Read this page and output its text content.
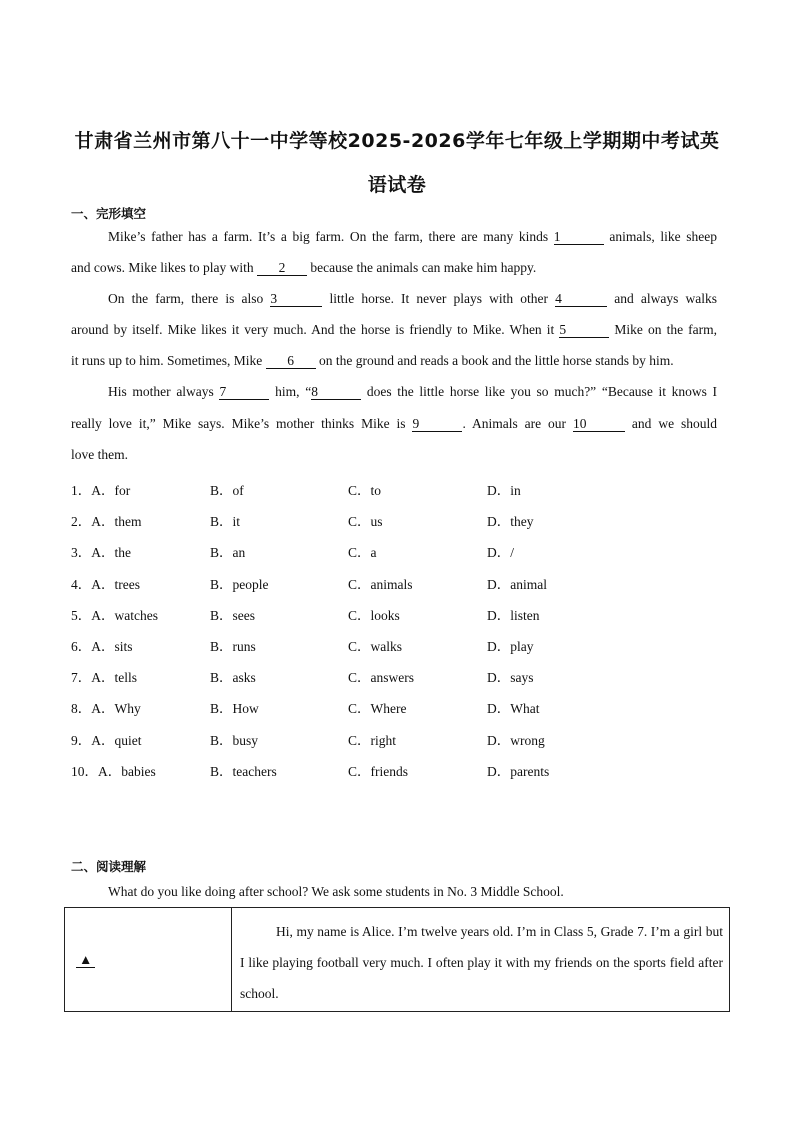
甘肃省兰州市第八十一中学等校2025-2026学年七年级上学期期中考试英
语试卷
一、完形填空
Mike’s father has a farm. It’s a big farm. On the farm, there are many kinds 1	animals, like sheep
and cows. Mike likes to play with 2 because the animals can make him happy.
On the farm, there is also 3	little horse. It never plays with other 4	and always walks
around by itself. Mike likes it very much. And the horse is friendly to Mike. When it 5	Mike on the farm,
it runs up to him. Sometimes, Mike 6 on the ground and reads a book and the little horse stands by him.
His mother always 7	him, “8	does the little horse like you so much?” “Because it knows I
really love it,” Mike says. Mike’s mother thinks Mike is 9	. Animals are our 10	and we should
love them.
1．A．for	B．of	C．to	D．in
2．A．them	B．it	C．us	D．they
3．A．the	B．an	C．a	D．/
4．A．trees	B．people	C．animals	D．animal
5．A．watches	B．sees	C．looks	D．listen
6．A．sits	B．runs	C．walks	D．play
7．A．tells	B．asks	C．answers	D．says
8．A．Why	B．How	C．Where	D．What
9．A．quiet	B．busy	C．right	D．wrong
10．A．babies	B．teachers	C．friends	D．parents
二、阅读理解
What do you like doing after school? We ask some students in No. 3 Middle School.
▲	Hi, my name is Alice. I’m twelve years old. I’m in Class 5, Grade 7. I’m a girl but I like playing football very much. I often play it with my friends on the sports field after school.
